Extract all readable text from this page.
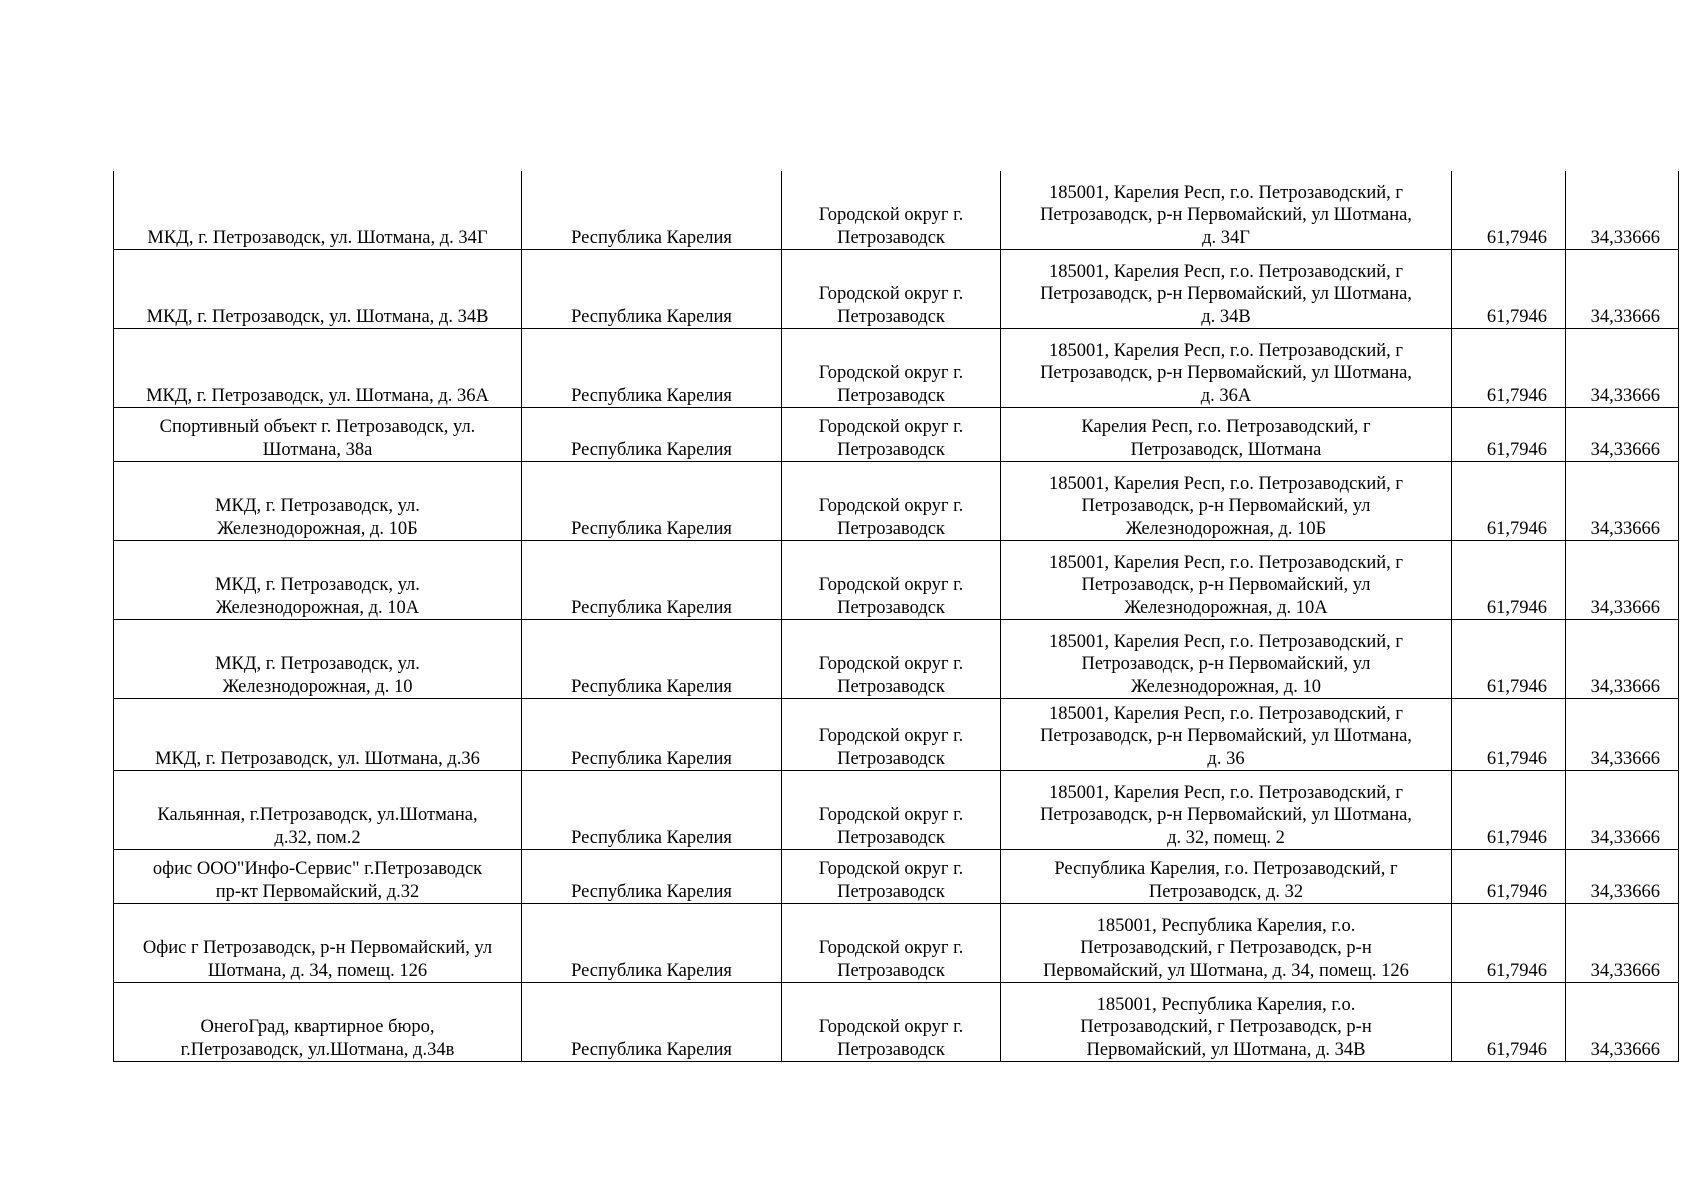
МКД, г. Петрозаводск, ул. Шотмана, д. 34Г	Республика Карелия	Городской округ г.
Петрозаводск	185001, Карелия Респ, г.о. Петрозаводский, г
Петрозаводск, р-н Первомайский, ул Шотмана,
д. 34Г	61,7946	34,33666
МКД, г. Петрозаводск, ул. Шотмана, д. 34В	Республика Карелия	Городской округ г.
Петрозаводск	185001, Карелия Респ, г.о. Петрозаводский, г
Петрозаводск, р-н Первомайский, ул Шотмана,
д. 34В	61,7946	34,33666
МКД, г. Петрозаводск, ул. Шотмана, д. 36А	Республика Карелия	Городской округ г.
Петрозаводск	185001, Карелия Респ, г.о. Петрозаводский, г
Петрозаводск, р-н Первомайский, ул Шотмана,
д. 36А	61,7946	34,33666
Спортивный объект г. Петрозаводск, ул.
Шотмана, 38а	Республика Карелия	Городской округ г.
Петрозаводск	Карелия Респ, г.о. Петрозаводский, г
Петрозаводск, Шотмана	61,7946	34,33666
МКД, г. Петрозаводск, ул.
Железнодорожная, д. 10Б	Республика Карелия	Городской округ г.
Петрозаводск	185001, Карелия Респ, г.о. Петрозаводский, г
Петрозаводск, р-н Первомайский, ул
Железнодорожная, д. 10Б	61,7946	34,33666
МКД, г. Петрозаводск, ул.
Железнодорожная, д. 10А	Республика Карелия	Городской округ г.
Петрозаводск	185001, Карелия Респ, г.о. Петрозаводский, г
Петрозаводск, р-н Первомайский, ул
Железнодорожная, д. 10А	61,7946	34,33666
МКД, г. Петрозаводск, ул.
Железнодорожная, д. 10	Республика Карелия	Городской округ г.
Петрозаводск	185001, Карелия Респ, г.о. Петрозаводский, г
Петрозаводск, р-н Первомайский, ул
Железнодорожная, д. 10	61,7946	34,33666
МКД, г. Петрозаводск, ул. Шотмана, д.36	Республика Карелия	Городской округ г.
Петрозаводск	185001, Карелия Респ, г.о. Петрозаводский, г
Петрозаводск, р-н Первомайский, ул Шотмана,
д. 36	61,7946	34,33666
Кальянная, г.Петрозаводск, ул.Шотмана,
д.32, пом.2	Республика Карелия	Городской округ г.
Петрозаводск	185001, Карелия Респ, г.о. Петрозаводский, г
Петрозаводск, р-н Первомайский, ул Шотмана,
д. 32, помещ. 2	61,7946	34,33666
офис ООО"Инфо-Сервис" г.Петрозаводск
пр-кт Первомайский, д.32	Республика Карелия	Городской округ г.
Петрозаводск	Республика Карелия, г.о. Петрозаводский, г
Петрозаводск, д. 32	61,7946	34,33666
Офис г Петрозаводск, р-н Первомайский, ул
Шотмана, д. 34, помещ. 126	Республика Карелия	Городской округ г.
Петрозаводск	185001, Республика Карелия, г.о.
Петрозаводский, г Петрозаводск, р-н
Первомайский, ул Шотмана, д. 34, помещ. 126	61,7946	34,33666
ОнегоГрад, квартирное бюро,
г.Петрозаводск, ул.Шотмана, д.34в	Республика Карелия	Городской округ г.
Петрозаводск	185001, Республика Карелия, г.о.
Петрозаводский, г Петрозаводск, р-н
Первомайский, ул Шотмана, д. 34В	61,7946	34,33666
